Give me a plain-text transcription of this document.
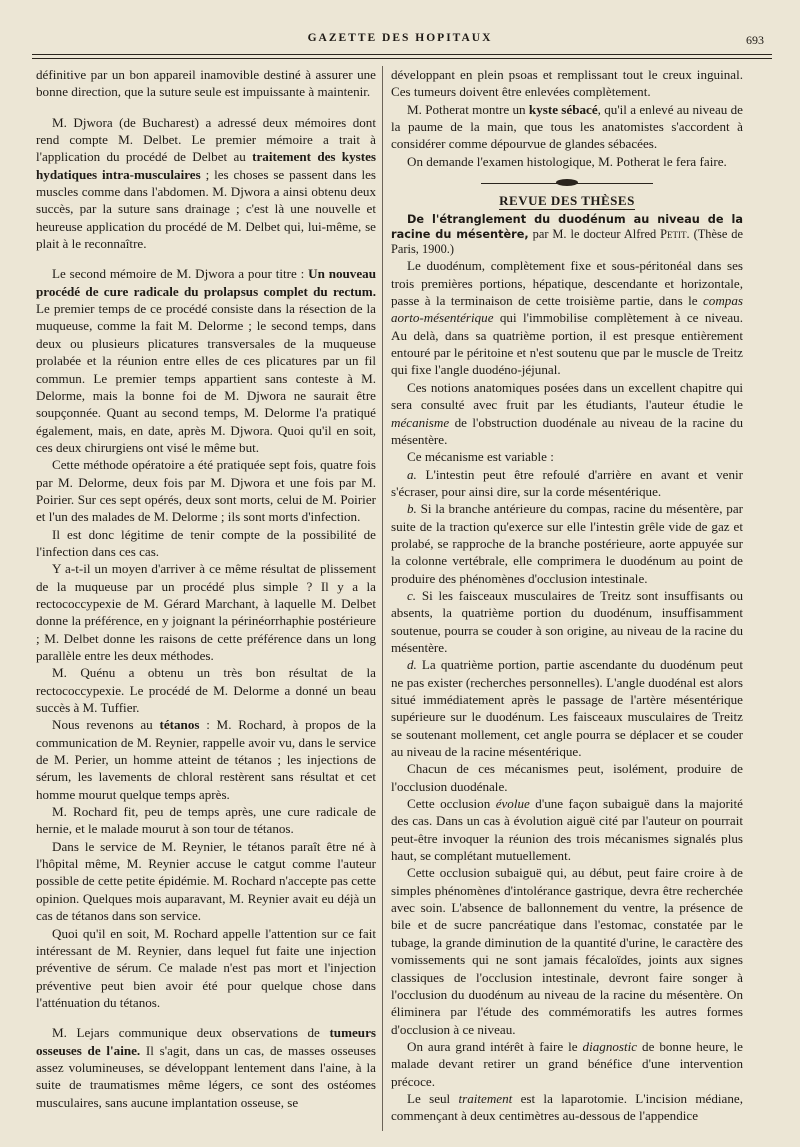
GAZETTE DES HOPITAUX	693

définitive par un bon appareil inamovible destiné à assurer une bonne direction, que la suture seule est impuissante à maintenir.

M. Djwora (de Bucharest) a adressé deux mémoires dont rend compte M. Delbet. Le premier mémoire a trait à l'application du procédé de Delbet au traitement des kystes hydatiques intra-musculaires ; les choses se passent dans les muscles comme dans l'abdomen. M. Djwora a ainsi obtenu deux succès, par la suture sans drainage ; c'est là une nouvelle et heureuse application du procédé de M. Delbet qui, lui-même, se plait à le reconnaître.

Le second mémoire de M. Djwora a pour titre : Un nouveau procédé de cure radicale du prolapsus complet du rectum. Le premier temps de ce procédé consiste dans la résection de la muqueuse, comme la fait M. Delorme ; le second temps, dans deux ou plusieurs plicatures transversales de la muqueuse prolabée et la réunion entre elles de ces plicatures par un fil commun. Le premier temps appartient sans conteste à M. Delorme, mais la bonne foi de M. Djwora ne saurait être soupçonnée. Quant au second temps, M. Delorme l'a pratiqué également, mais, en date, après M. Djwora. Quoi qu'il en soit, ces deux chirurgiens ont visé le même but.

Cette méthode opératoire a été pratiquée sept fois, quatre fois par M. Delorme, deux fois par M. Djwora et une fois par M. Poirier. Sur ces sept opérés, deux sont morts, celui de M. Poirier et l'un des malades de M. Delorme ; ils sont morts d'infection.

Il est donc légitime de tenir compte de la possibilité de l'infection dans ces cas.

Y a-t-il un moyen d'arriver à ce même résultat de plissement de la muqueuse par un procédé plus simple ? Il y a la rectococcypexie de M. Gérard Marchant, à laquelle M. Delbet donne la préférence, en y joignant la périnéorrhaphie postérieure ; M. Delbet donne les raisons de cette préférence dans un long parallèle entre les deux méthodes.

M. Quénu a obtenu un très bon résultat de la rectococcypexie. Le procédé de M. Delorme a donné un beau succès à M. Tuffier.

Nous revenons au tétanos : M. Rochard, à propos de la communication de M. Reynier, rappelle avoir vu, dans le service de M. Perier, un homme atteint de tétanos ; les injections de sérum, les lavements de chloral restèrent sans résultat et cet homme mourut quelque temps après.

M. Rochard fit, peu de temps après, une cure radicale de hernie, et le malade mourut à son tour de tétanos.

Dans le service de M. Reynier, le tétanos paraît être né à l'hôpital même, M. Reynier accuse le catgut comme l'auteur possible de cette petite épidémie. M. Rochard n'accepte pas cette opinion. Quelques mois auparavant, M. Reynier avait eu déjà un cas de tétanos dans son service.

Quoi qu'il en soit, M. Rochard appelle l'attention sur ce fait intéressant de M. Reynier, dans lequel fut faite une injection préventive de sérum. Ce malade n'est pas mort et l'injection préventive peut bien avoir été pour quelque chose dans l'atténuation du tétanos.

M. Lejars communique deux observations de tumeurs osseuses de l'aine. Il s'agit, dans un cas, de masses osseuses assez volumineuses, se développant lentement dans l'aine, à la suite de traumatismes même légers, ce sont des ostéomes musculaires, sans aucune implantation osseuse, se

développant en plein psoas et remplissant tout le creux inguinal. Ces tumeurs doivent être enlevées complètement.

M. Potherat montre un kyste sébacé, qu'il a enlevé au niveau de la paume de la main, que tous les anatomistes s'accordent à considérer comme dépourvue de glandes sébacées.

On demande l'examen histologique, M. Potherat le fera faire.

REVUE DES THÈSES

De l'étranglement du duodénum au niveau de la racine du mésentère, par M. le docteur Alfred Petit. (Thèse de Paris, 1900.)

Le duodénum, complètement fixe et sous-péritonéal dans ses trois premières portions, hépatique, descendante et horizontale, passe à la terminaison de cette troisième partie, dans le compas aorto-mésentérique qui l'immobilise complètement à ce niveau. Au delà, dans sa quatrième portion, il est presque entièrement entouré par le péritoine et n'est soutenu que par le muscle de Treitz qui fixe l'angle duodéno-jéjunal.

Ces notions anatomiques posées dans un excellent chapitre qui sera consulté avec fruit par les étudiants, l'auteur étudie le mécanisme de l'obstruction duodénale au niveau de la racine du mésentère.

Ce mécanisme est variable :

a. L'intestin peut être refoulé d'arrière en avant et venir s'écraser, pour ainsi dire, sur la corde mésentérique.

b. Si la branche antérieure du compas, racine du mésentère, par suite de la traction qu'exerce sur elle l'intestin grêle vide de gaz et prolabé, se rapproche de la branche postérieure, aorte appuyée sur la colonne vertébrale, elle comprimera le duodénum au point de produire des phénomènes d'occlusion intestinale.

c. Si les faisceaux musculaires de Treitz sont insuffisants ou absents, la quatrième portion du duodénum, insuffisamment soutenue, pourra se couder à son origine, au niveau de la racine du mésentère.

d. La quatrième portion, partie ascendante du duodénum peut ne pas exister (recherches personnelles). L'angle duodénal est alors situé immédiatement après le passage de l'artère mésentérique supérieure sur le duodénum. Les faisceaux musculaires de Treitz se soutenant mollement, cet angle pourra se déplacer et se couder au niveau de la racine mésentérique.

Chacun de ces mécanismes peut, isolément, produire de l'occlusion duodénale.

Cette occlusion évolue d'une façon subaiguë dans la majorité des cas. Dans un cas à évolution aiguë cité par l'auteur on pourrait peut-être invoquer la réunion des trois mécanismes signalés plus haut, se complétant mutuellement.

Cette occlusion subaiguë qui, au début, peut faire croire à de simples phénomènes d'intolérance gastrique, devra être recherchée avec soin. L'absence de ballonnement du ventre, la présence de bile et de sucre pancréatique dans l'estomac, constatée par le tubage, la grande diminution de la quantité d'urine, le caractère des vomissements qui ne sont jamais fécaloïdes, joints aux signes classiques de l'occlusion intestinale, devront faire songer à l'occlusion du duodénum au niveau de la racine du mésentère. On éliminera par l'étude des commémoratifs les autres formes d'occlusion à ce niveau.

On aura grand intérêt à faire le diagnostic de bonne heure, le malade devant retirer un grand bénéfice d'une intervention précoce.

Le seul traitement est la laparotomie. L'incision médiane, commençant à deux centimètres au-dessous de l'appendice
